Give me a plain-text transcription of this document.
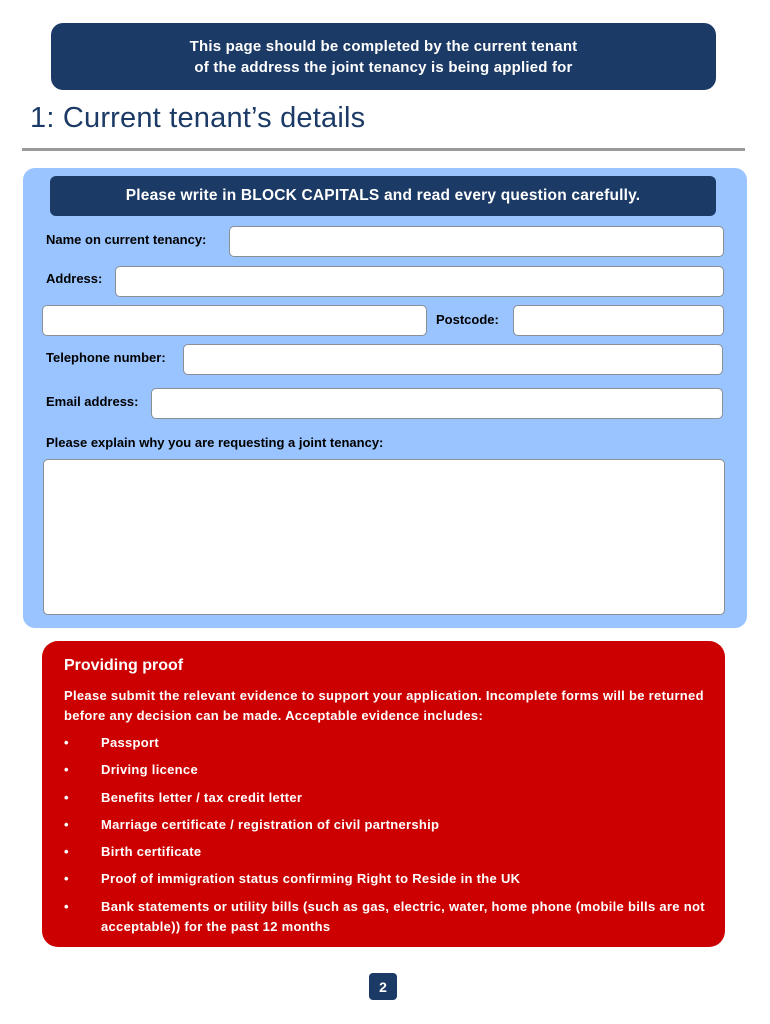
This page should be completed by the current tenant
of the address the joint tenancy is being applied for
1: Current tenant’s details
Please write in BLOCK CAPITALS and read every question carefully.
Name on current tenancy:
Address:
Postcode:
Telephone number:
Email address:
Please explain why you are requesting a joint tenancy:
Providing proof

Please submit the relevant evidence to support your application. Incomplete forms will be returned before any decision can be made. Acceptable evidence includes:

• Passport
• Driving licence
• Benefits letter / tax credit letter
• Marriage certificate / registration of civil partnership
• Birth certificate
• Proof of immigration status confirming Right to Reside in the UK
• Bank statements or utility bills (such as gas, electric, water, home phone (mobile bills are not acceptable)) for the past 12 months
2
